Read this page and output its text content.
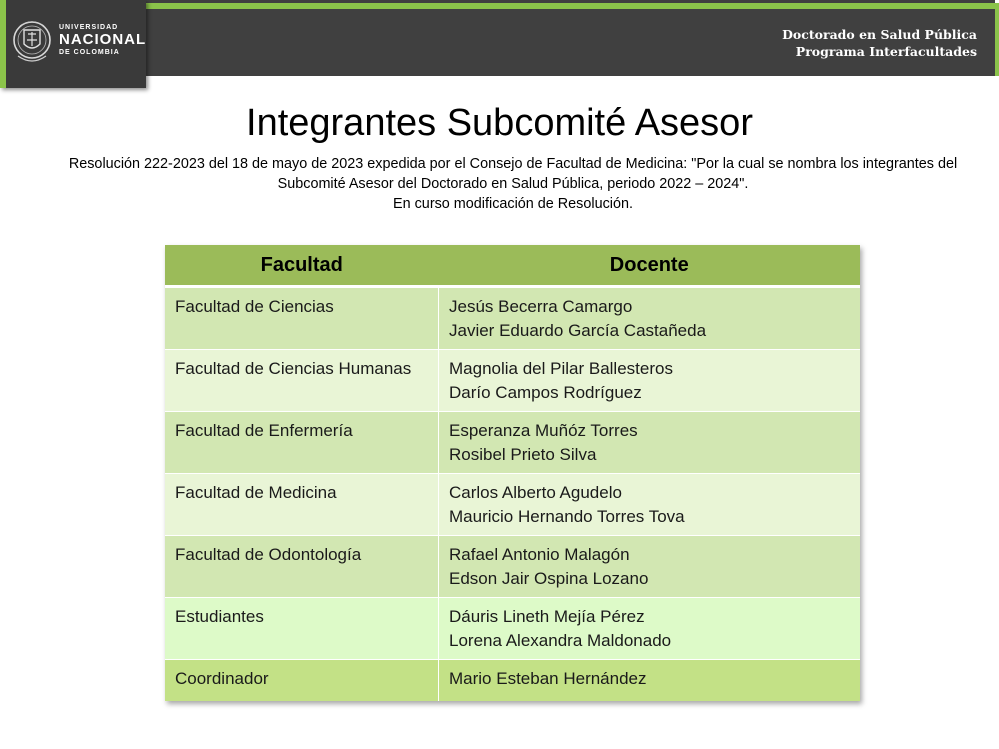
UNIVERSIDAD
NACIONAL
DE COLOMBIA
Doctorado en Salud Pública
Programa Interfacultades
Integrantes Subcomité Asesor
Resolución 222-2023 del 18 de mayo de 2023 expedida por el Consejo de Facultad de Medicina: "Por la cual se nombra los integrantes del
Subcomité Asesor del Doctorado en Salud Pública, periodo 2022 – 2024".
En curso modificación de Resolución.
Facultad	Docente
Facultad de Ciencias	Jesús Becerra Camargo
Javier Eduardo García Castañeda

Facultad de Ciencias Humanas	Magnolia del Pilar Ballesteros
Darío Campos Rodríguez

Facultad de Enfermería	Esperanza Muñóz Torres
Rosibel Prieto Silva

Facultad de Medicina	Carlos Alberto Agudelo
Mauricio Hernando Torres Tova

Facultad de Odontología	Rafael Antonio Malagón
Edson Jair Ospina Lozano

Estudiantes	Dáuris Lineth Mejía Pérez
Lorena Alexandra Maldonado

Coordinador	Mario Esteban Hernández
